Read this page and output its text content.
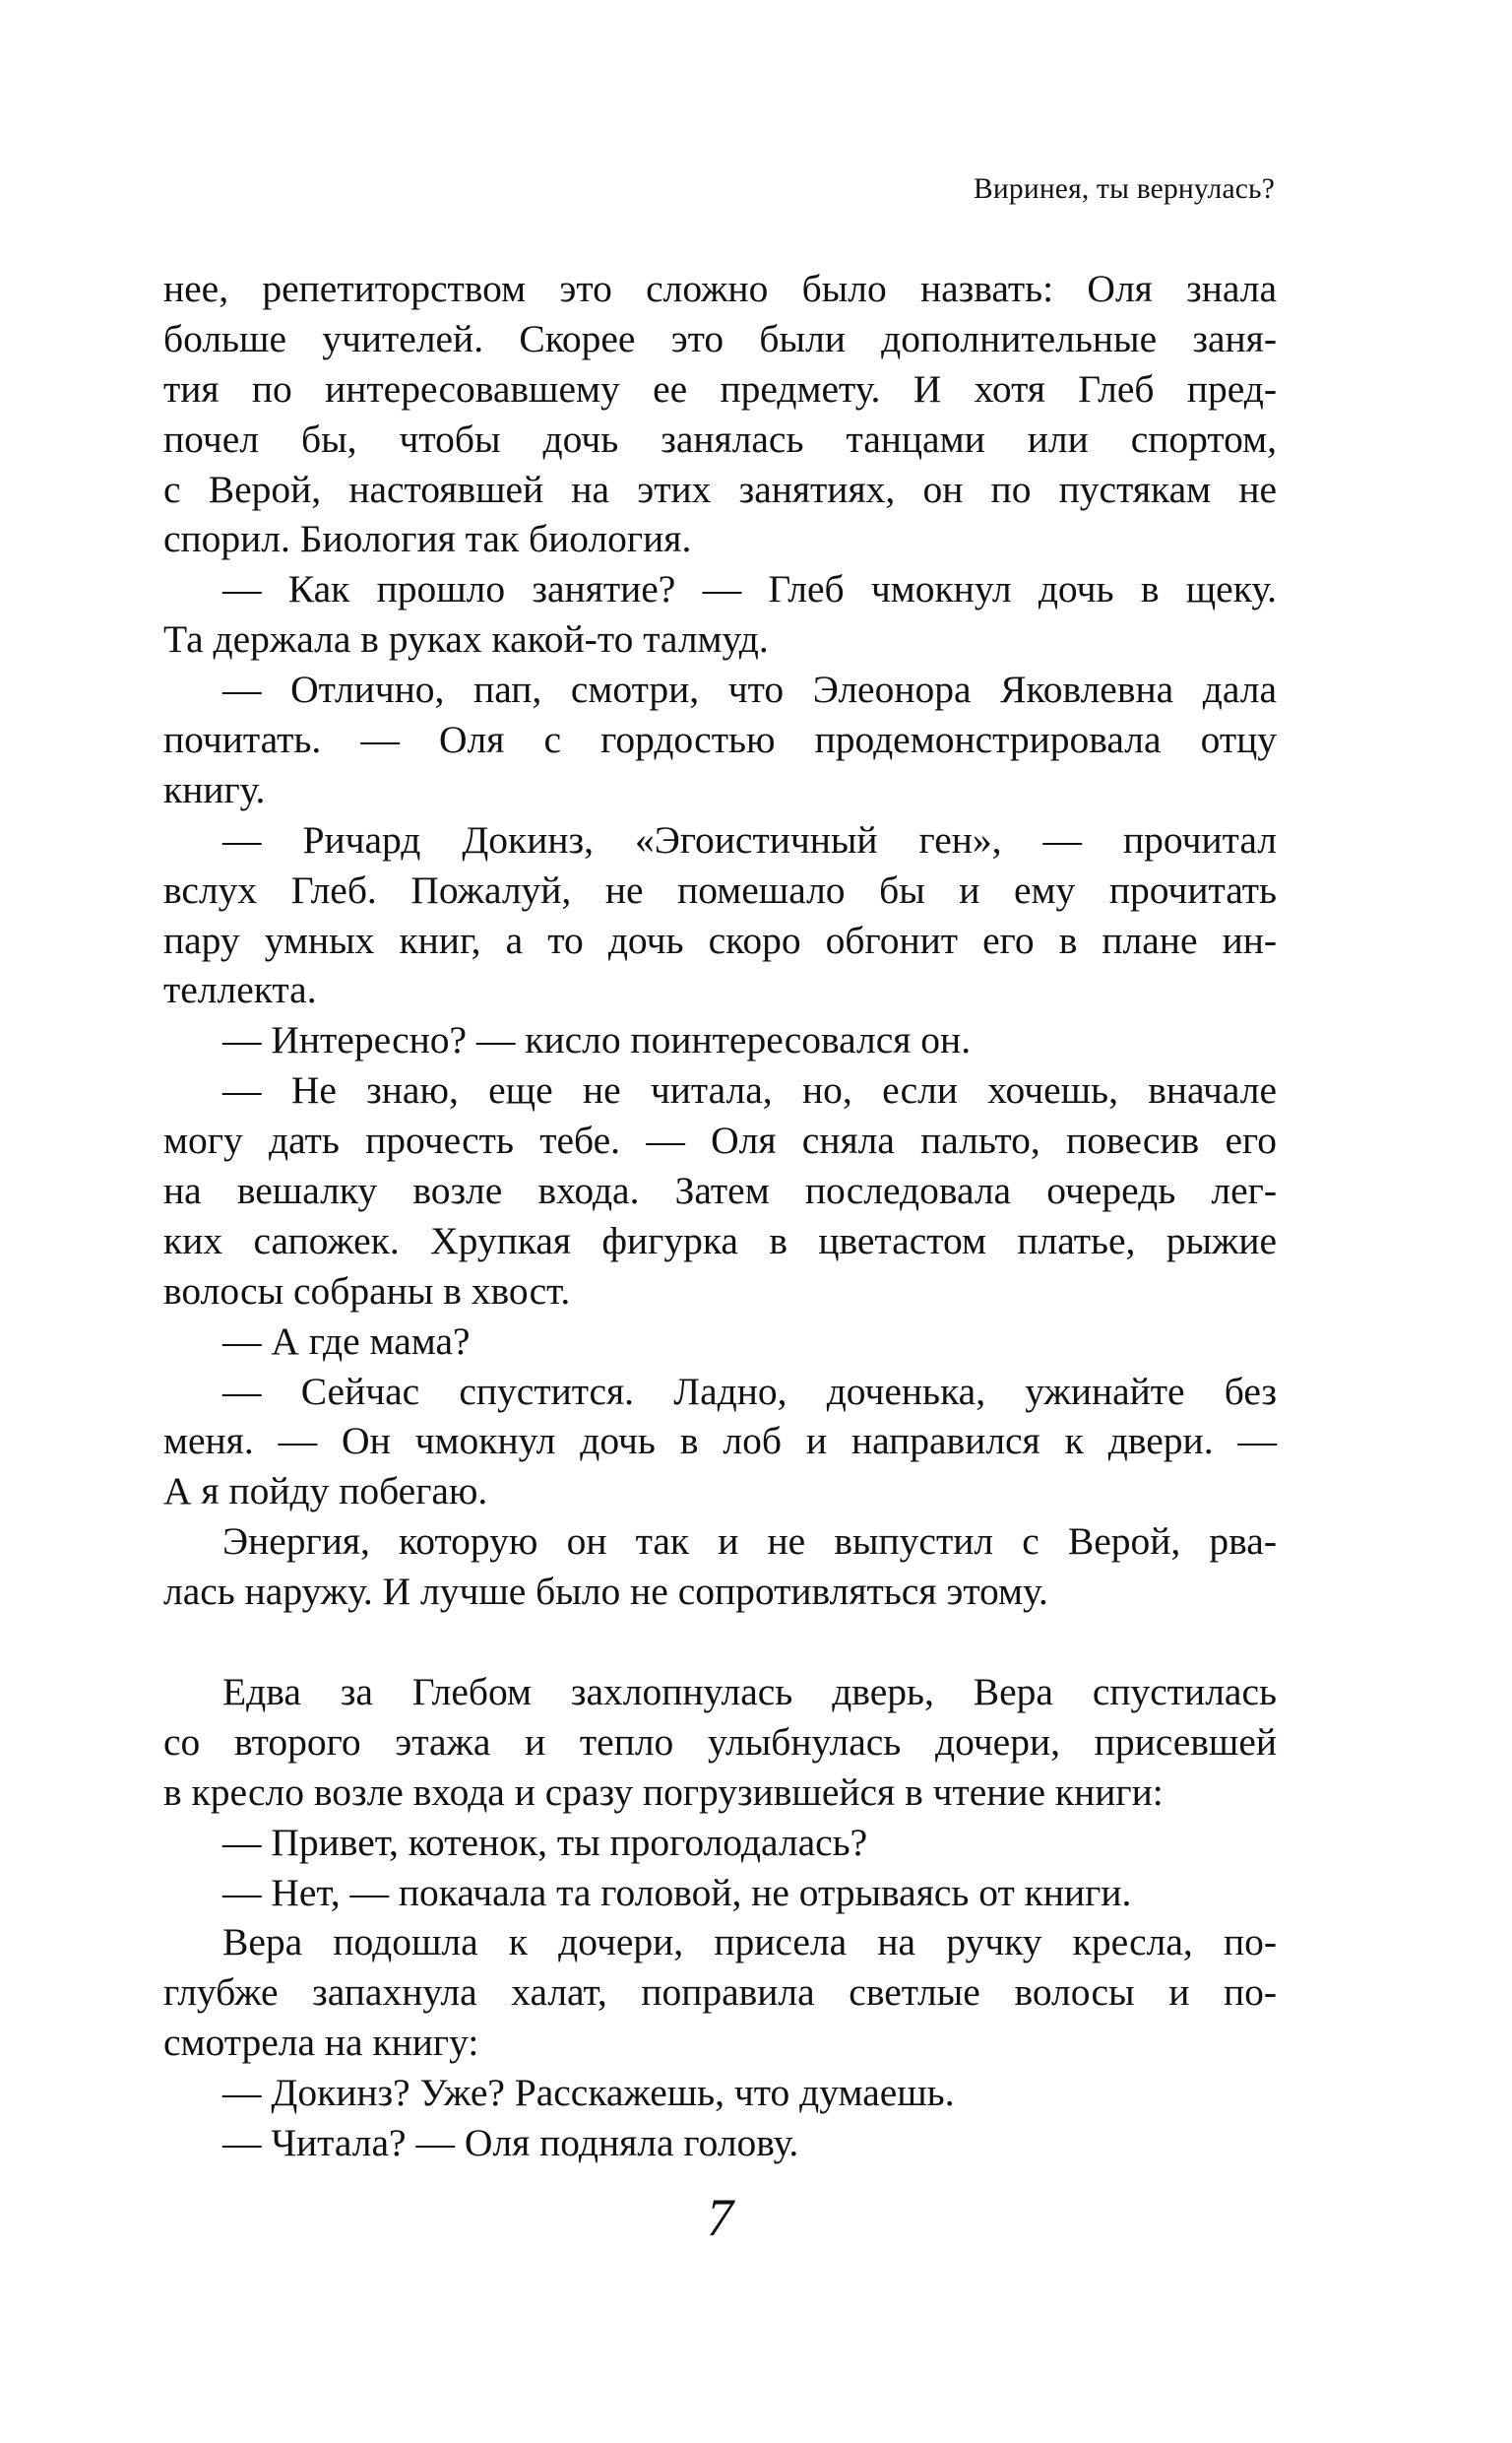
Виринея, ты вернулась?
нее, репетиторством это сложно было назвать: Оля знала
больше учителей. Скорее это были дополнительные заня-
тия по интересовавшему ее предмету. И хотя Глеб пред-
почел бы, чтобы дочь занялась танцами или спортом,
с Верой, настоявшей на этих занятиях, он по пустякам не
спорил. Биология так биология.
— Как прошло занятие? — Глеб чмокнул дочь в щеку.
Та держала в руках какой-то талмуд.
— Отлично, пап, смотри, что Элеонора Яковлевна дала
почитать. — Оля с гордостью продемонстрировала отцу
книгу.
— Ричард Докинз, «Эгоистичный ген», — прочитал
вслух Глеб. Пожалуй, не помешало бы и ему прочитать
пару умных книг, а то дочь скоро обгонит его в плане ин-
теллекта.
— Интересно? — кисло поинтересовался он.
— Не знаю, еще не читала, но, если хочешь, вначале
могу дать прочесть тебе. — Оля сняла пальто, повесив его
на вешалку возле входа. Затем последовала очередь лег-
ких сапожек. Хрупкая фигурка в цветастом платье, рыжие
волосы собраны в хвост.
— А где мама?
— Сейчас спустится. Ладно, доченька, ужинайте без
меня. — Он чмокнул дочь в лоб и направился к двери. —
А я пойду побегаю.
Энергия, которую он так и не выпустил с Верой, рва-
лась наружу. И лучше было не сопротивляться этому.
Едва за Глебом захлопнулась дверь, Вера спустилась
со второго этажа и тепло улыбнулась дочери, присевшей
в кресло возле входа и сразу погрузившейся в чтение книги:
— Привет, котенок, ты проголодалась?
— Нет, — покачала та головой, не отрываясь от книги.
Вера подошла к дочери, присела на ручку кресла, по-
глубже запахнула халат, поправила светлые волосы и по-
смотрела на книгу:
— Докинз? Уже? Расскажешь, что думаешь.
— Читала? — Оля подняла голову.
7
